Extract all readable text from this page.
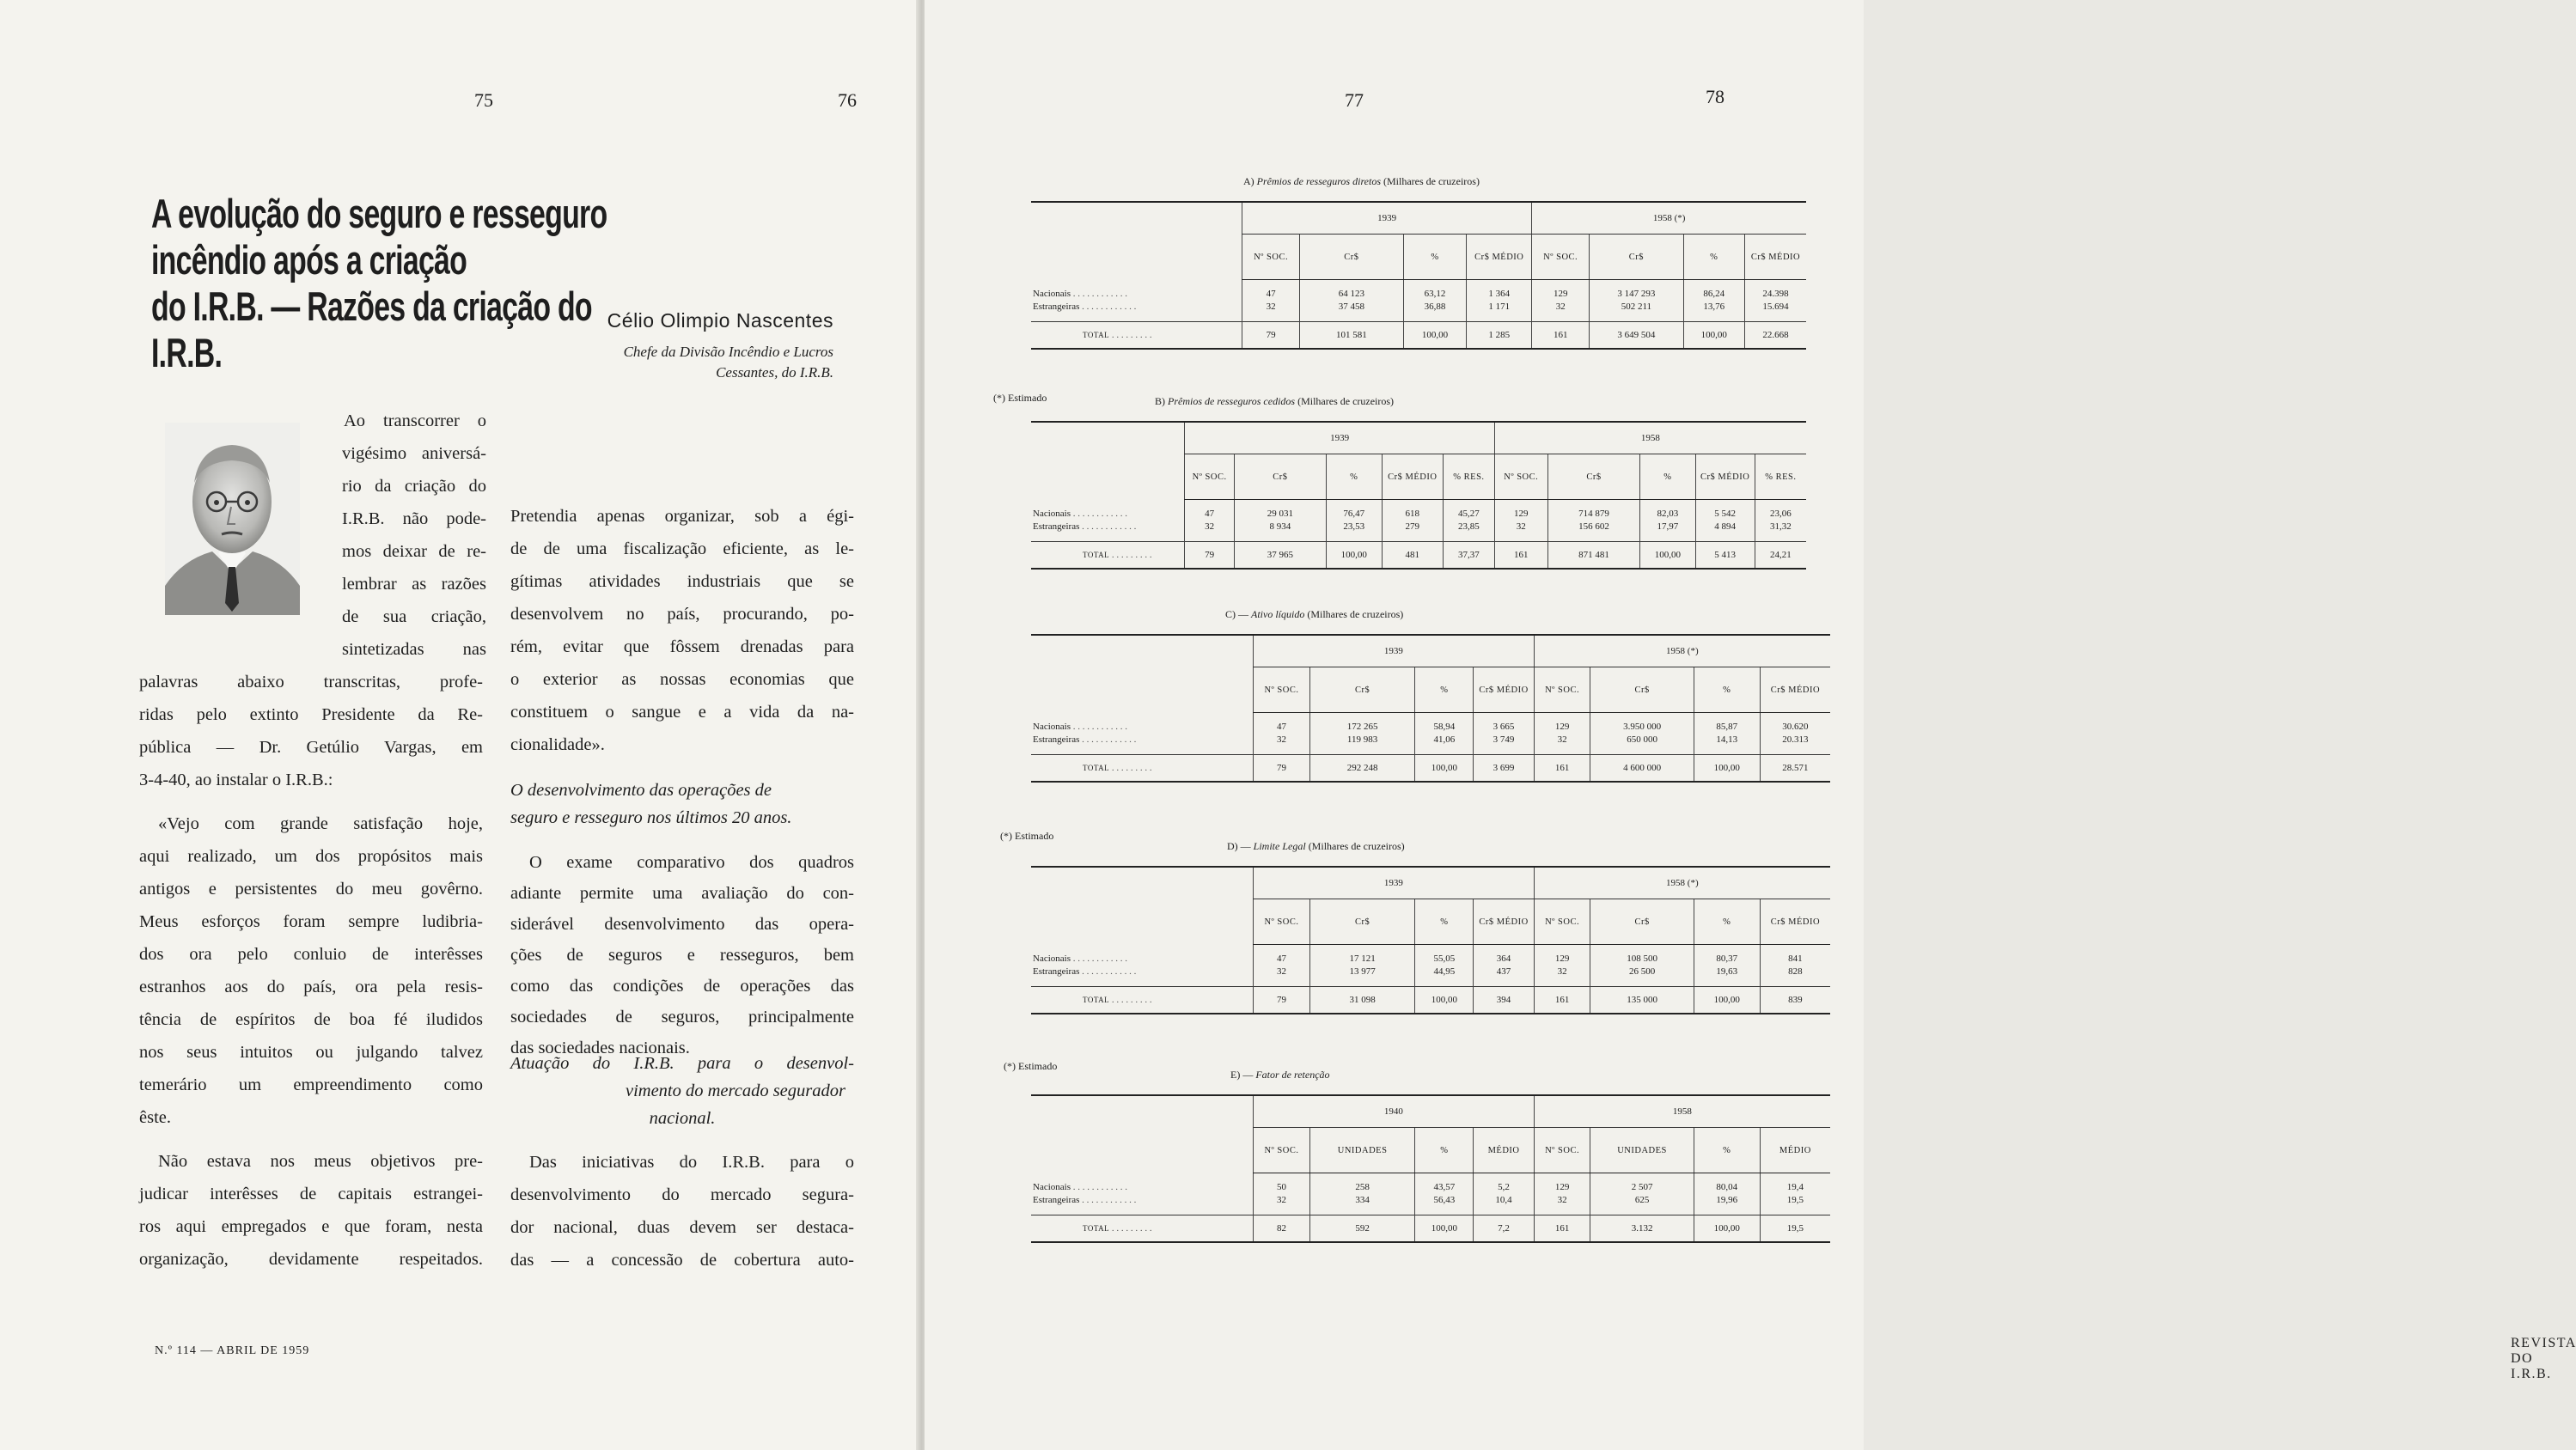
75	76
A evolução do seguro e resseguro incêndio após a criação
do I.R.B. — Razões da criação do I.R.B.
Célio Olimpio Nascentes
Chefe da Divisão Incêndio e Lucros
Cessantes, do I.R.B.
Ao transcorrer o
vigésimo aniversá-
rio da criação do
I.R.B. não pode-
mos deixar de re-
lembrar as razões
de sua criação,
sintetizadas nas
palavras abaixo transcritas, profe-
ridas pelo extinto Presidente da Re-
pública — Dr. Getúlio Vargas, em
3-4-40, ao instalar o I.R.B.:
«Vejo com grande satisfação hoje,
aqui realizado, um dos propósitos mais
antigos e persistentes do meu govêrno.
Meus esforços foram sempre ludibria-
dos ora pelo conluio de interêsses
estranhos aos do país, ora pela resis-
tência de espíritos de boa fé iludidos
nos seus intuitos ou julgando talvez
temerário um empreendimento como
êste.
Não estava nos meus objetivos pre-
judicar interêsses de capitais estrangei-
ros aqui empregados e que foram, nesta
organização, devidamente respeitados.
Pretendia apenas organizar, sob a égi-
de de uma fiscalização eficiente, as le-
gítimas atividades industriais que se
desenvolvem no país, procurando, po-
rém, evitar que fôssem drenadas para
o exterior as nossas economias que
constituem o sangue e a vida da na-
cionalidade».
O desenvolvimento das operações de
seguro e resseguro nos últimos 20 anos.
O exame comparativo dos quadros
adiante permite uma avaliação do con-
siderável desenvolvimento das opera-
ções de seguros e resseguros, bem
como das condições de operações das
sociedades de seguros, principalmente
das sociedades nacionais.
Atuação do I.R.B. para o desenvol-
vimento do mercado segurador
nacional.
Das iniciativas do I.R.B. para o
desenvolvimento do mercado segura-
dor nacional, duas devem ser destaca-
das — a concessão de cobertura auto-
N.º 114 — ABRIL DE 1959
77	78
A) Prêmios de resseguros diretos (Milhares de cruzeiros)
	1939				1958 (*)			
	Nº SOC.	Cr$	%	Cr$ MÉDIO	Nº SOC.	Cr$	%	Cr$ MÉDIO
Nacionais . . . . . . . . . . . .	47	64 123	63,12	1 364	129	3 147 293	86,24	24.398
Estrangeiras . . . . . . . . . . . .	32	37 458	36,88	1 171	32	502 211	13,76	15.694
TOTAL . . . . . . . . .	79	101 581	100,00	1 285	161	3 649 504	100,00	22.668
(*) Estimado	B) Prêmios de resseguros cedidos (Milhares de cruzeiros)
	1939					1958				
	Nº SOC.	Cr$	%	Cr$ MÉDIO	% RES.	Nº SOC.	Cr$	%	Cr$ MÉDIO	% RES.
Nacionais . . . . . . . . . . . .	47	29 031	76,47	618	45,27	129	714 879	82,03	5 542	23,06
Estrangeiras . . . . . . . . . . . .	32	8 934	23,53	279	23,85	32	156 602	17,97	4 894	31,32
TOTAL . . . . . . . . .	79	37 965	100,00	481	37,37	161	871 481	100,00	5 413	24,21
C) — Ativo líquido (Milhares de cruzeiros)
	1939				1958 (*)			
	Nº SOC.	Cr$	%	Cr$ MÉDIO	Nº SOC.	Cr$	%	Cr$ MÉDIO
Nacionais . . . . . . . . . . . .	47	172 265	58,94	3 665	129	3.950 000	85,87	30.620
Estrangeiras . . . . . . . . . . . .	32	119 983	41,06	3 749	32	650 000	14,13	20.313
TOTAL . . . . . . . . .	79	292 248	100,00	3 699	161	4 600 000	100,00	28.571
(*) Estimado
D) — Limite Legal (Milhares de cruzeiros)
	1939				1958 (*)			
	Nº SOC.	Cr$	%	Cr$ MÉDIO	Nº SOC.	Cr$	%	Cr$ MÉDIO
Nacionais . . . . . . . . . . . .	47	17 121	55,05	364	129	108 500	80,37	841
Estrangeiras . . . . . . . . . . . .	32	13 977	44,95	437	32	26 500	19,63	828
TOTAL . . . . . . . . .	79	31 098	100,00	394	161	135 000	100,00	839
(*) Estimado
E) — Fator de retenção
	1940				1958			
	Nº SOC.	UNIDADES	%	MÉDIO	Nº SOC.	UNIDADES	%	MÉDIO
Nacionais . . . . . . . . . . . .	50	258	43,57	5,2	129	2 507	80,04	19,4
Estrangeiras . . . . . . . . . . . .	32	334	56,43	10,4	32	625	19,96	19,5
TOTAL . . . . . . . . .	82	592	100,00	7,2	161	3.132	100,00	19,5
REVISTA DO I.R.B.
